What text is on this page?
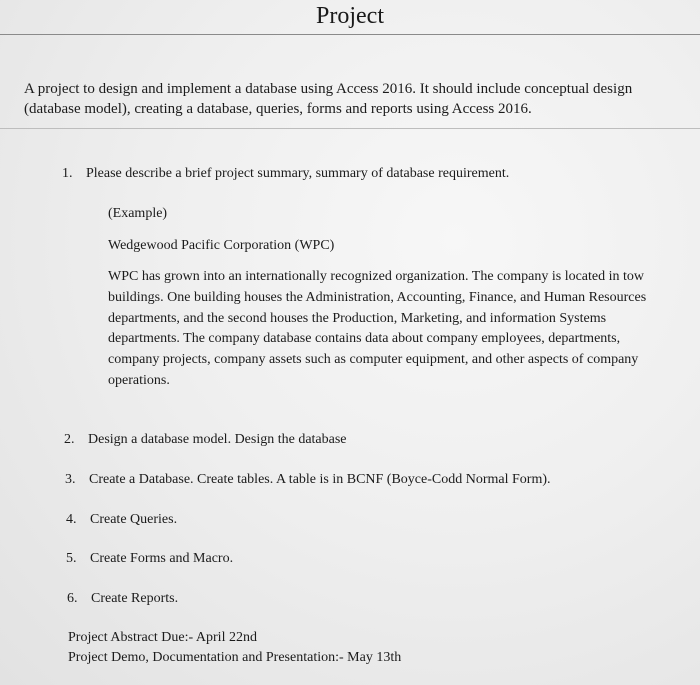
Project

A project to design and implement a database using Access 2016. It should include conceptual design (database model), creating a database, queries, forms and reports using Access 2016.

1. Please describe a brief project summary, summary of database requirement.
(Example)
Wedgewood Pacific Corporation (WPC)

WPC has grown into an internationally recognized organization. The company is located in tow buildings. One building houses the Administration, Accounting, Finance, and Human Resources departments, and the second houses the Production, Marketing, and information Systems departments. The company database contains data about company employees, departments, company projects, company assets such as computer equipment, and other aspects of company operations.

2. Design a database model. Design the database
3. Create a Database. Create tables. A table is in BCNF (Boyce-Codd Normal Form).
4. Create Queries.
5. Create Forms and Macro.
6. Create Reports.
Project Abstract Due:- April 22nd
Project Demo, Documentation and Presentation:- May 13th
